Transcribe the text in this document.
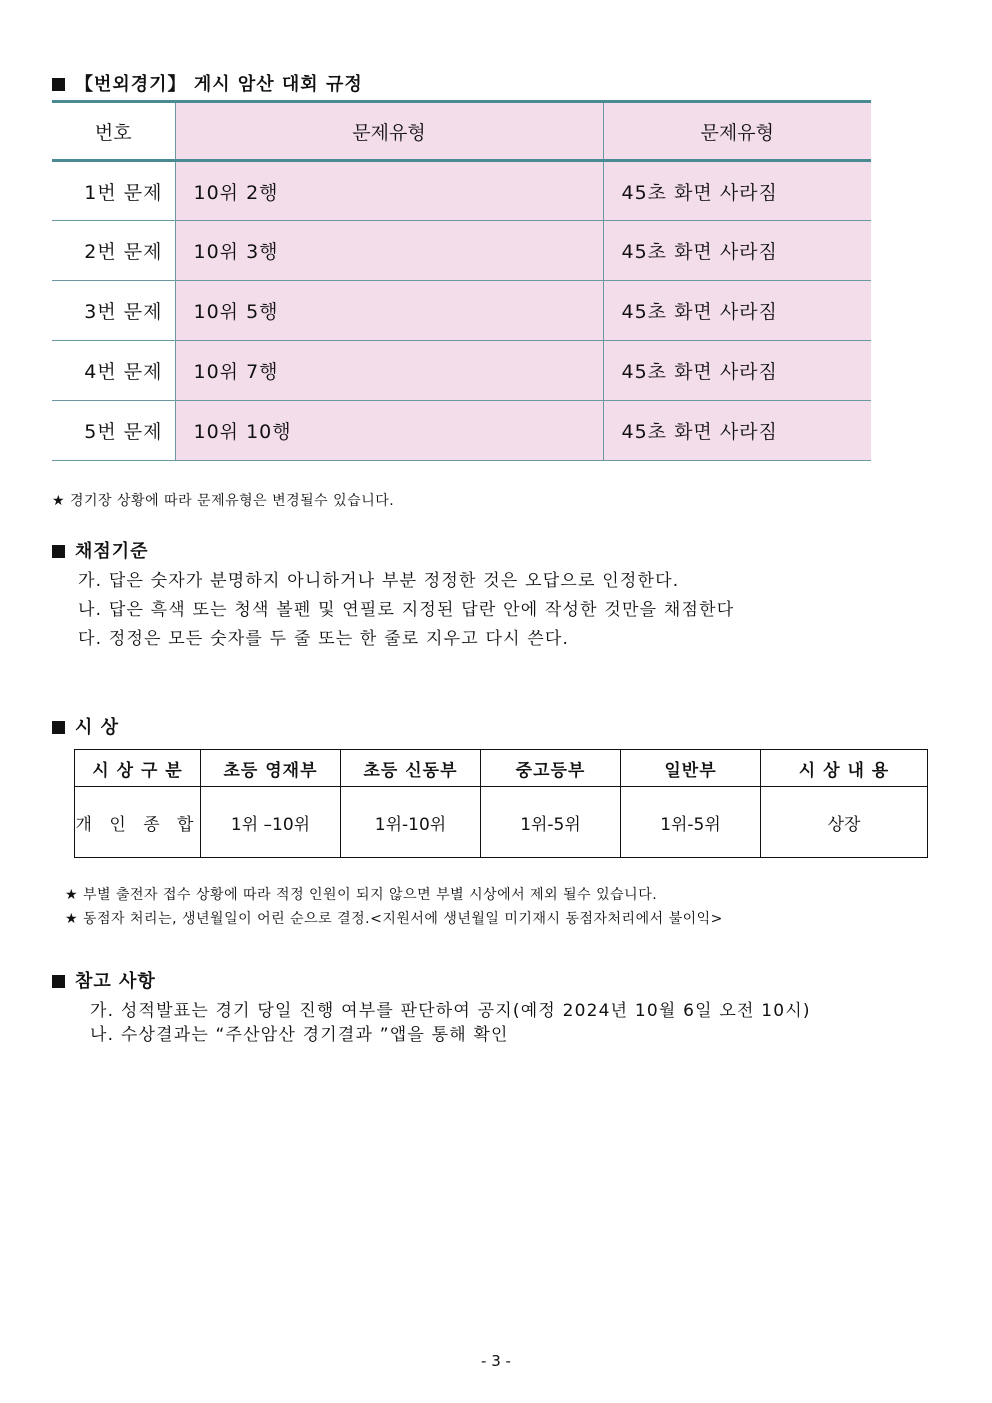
【번외경기】 게시 암산 대회 규정
번호	문제유형	문제유형
1번 문제	10위 2행	45초 화면 사라짐
2번 문제	10위 3행	45초 화면 사라짐
3번 문제	10위 5행	45초 화면 사라짐
4번 문제	10위 7행	45초 화면 사라짐
5번 문제	10위 10행	45초 화면 사라짐
★ 경기장 상황에 따라 문제유형은 변경될수 있습니다.
채점기준
가. 답은 숫자가 분명하지 아니하거나 부분 정정한 것은 오답으로 인정한다.
나. 답은 흑색 또는 청색 볼펜 및 연필로 지정된 답란 안에 작성한 것만을 채점한다
다. 정정은 모든 숫자를 두 줄 또는 한 줄로 지우고 다시 쓴다.
시 상
시 상 구 분	초등 영재부	초등 신동부	중고등부	일반부	시 상 내 용
개 인 종 합	1위 –10위	1위-10위	1위-5위	1위-5위	상장
★ 부별 출전자 접수 상황에 따라 적정 인원이 되지 않으면 부별 시상에서 제외 될수 있습니다.
★ 동점자 처리는, 생년월일이 어린 순으로 결정.<지원서에 생년월일 미기재시 동점자처리에서 불이익>
참고 사항
가. 성적발표는 경기 당일 진행 여부를 판단하여 공지(예정 2024년 10월 6일 오전 10시)
나. 수상결과는 “주산암산 경기결과 ”앱을 통해 확인
- 3 -
